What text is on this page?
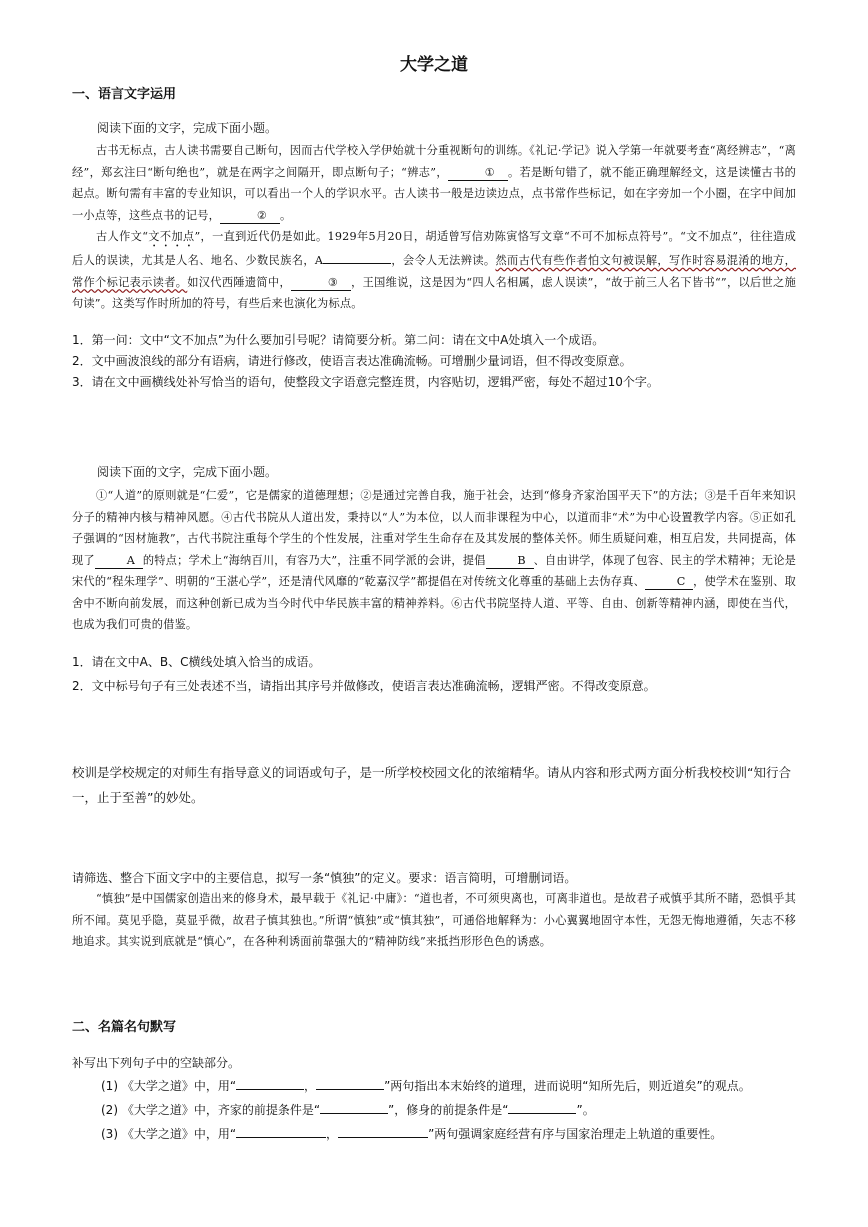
大学之道
一、语言文字运用
阅读下面的文字，完成下面小题。

古书无标点，古人读书需要自己断句，因而古代学校入学伊始就十分重视断句的训练。《礼记·学记》说入学第一年就要考查“离经辨志”，“离经”，郑玄注曰“断句绝也”，就是在两字之间隔开，即点断句子；“辨志”，	① 。若是断句错了，就不能正确理解经文，这是读懂古书的起点。断句需有丰富的专业知识，可以看出一个人的学识水平。古人读书一般是边读边点，点书常作些标记，如在字旁加一个小圈，在字中间加一小点等，这些点书的记号，	② 。

古人作文“文不加点”，一直到近代仍是如此。1929年5月20日，胡适曾写信劝陈寅恪写文章“不可不加标点符号”。“文不加点”，往往造成后人的误读，尤其是人名、地名、少数民族名，A	，会令人无法辨读。然而古代有些作者怕文句被误解，写作时容易混淆的地方，常作个标记表示读者。如汉代西陲遗简中，	③ ，王国维说，这是因为“四人名相属，虑人误读”，“故于前三人名下皆书“”，以后世之施句读”。这类写作时所加的符号，有些后来也演化为标点。

1．第一问：文中“文不加点”为什么要加引号呢？请简要分析。第二问：请在文中A处填入一个成语。
2．文中画波浪线的部分有语病，请进行修改，使语言表达准确流畅。可增删少量词语，但不得改变原意。
3．请在文中画横线处补写恰当的语句，使整段文字语意完整连贯，内容贴切，逻辑严密，每处不超过10个字。
阅读下面的文字，完成下面小题。

①“人道”的原则就是“仁爱”，它是儒家的道德理想；②是通过完善自我，施于社会，达到“修身齐家治国平天下”的方法；③是千百年来知识分子的精神内核与精神风愿。④古代书院从人道出发，秉持以“人”为本位，以人而非课程为中心，以道而非“术”为中心设置教学内容。⑤正如孔子强调的“因材施教”，古代书院注重每个学生的个性发展，注重对学生生命存在及其发展的整体关怀。师生质疑问难，相互启发，共同提高，体现了	A 的特点；学术上“海纳百川，有容乃大”，注重不同学派的会讲，提倡	B 、自由讲学，体现了包容、民主的学术精神；无论是宋代的“程朱理学”、明朝的“王湛心学”，还是清代风靡的“乾嘉汉学”都提倡在对传统文化尊重的基础上去伪存真、	C ，使学术在鉴别、取舍中不断向前发展，而这种创新已成为当今时代中华民族丰富的精神养料。⑥古代书院坚持人道、平等、自由、创新等精神内涵，即使在当代，也成为我们可贵的借鉴。

1．请在文中A、B、C横线处填入恰当的成语。
2．文中标号句子有三处表述不当，请指出其序号并做修改，使语言表达准确流畅，逻辑严密。不得改变原意。
校训是学校规定的对师生有指导意义的词语或句子，是一所学校校园文化的浓缩精华。请从内容和形式两方面分析我校校训“知行合一，止于至善”的妙处。
请筛选、整合下面文字中的主要信息，拟写一条“慎独”的定义。要求：语言简明，可增删词语。

“慎独”是中国儒家创造出来的修身术，最早载于《礼记·中庸》：“道也者，不可须臾离也，可离非道也。是故君子戒慎乎其所不睹，恐惧乎其所不闻。莫见乎隐，莫显乎微，故君子慎其独也。”所谓“慎独”或“慎其独”，可通俗地解释为：小心翼翼地固守本性，无怨无悔地遵循，矢志不移地追求。其实说到底就是“慎心”，在各种利诱面前靠强大的“精神防线”来抵挡形形色色的诱惑。

二、名篇名句默写
补写出下列句子中的空缺部分。
(1) 《大学之道》中，用“	，	”两句指出本末始终的道理，进而说明“知所先后，则近道矣”的观点。
(2) 《大学之道》中，齐家的前提条件是“	”，修身的前提条件是“	”。
(3) 《大学之道》中，用“	，	”两句强调家庭经营有序与国家治理走上轨道的重要性。
